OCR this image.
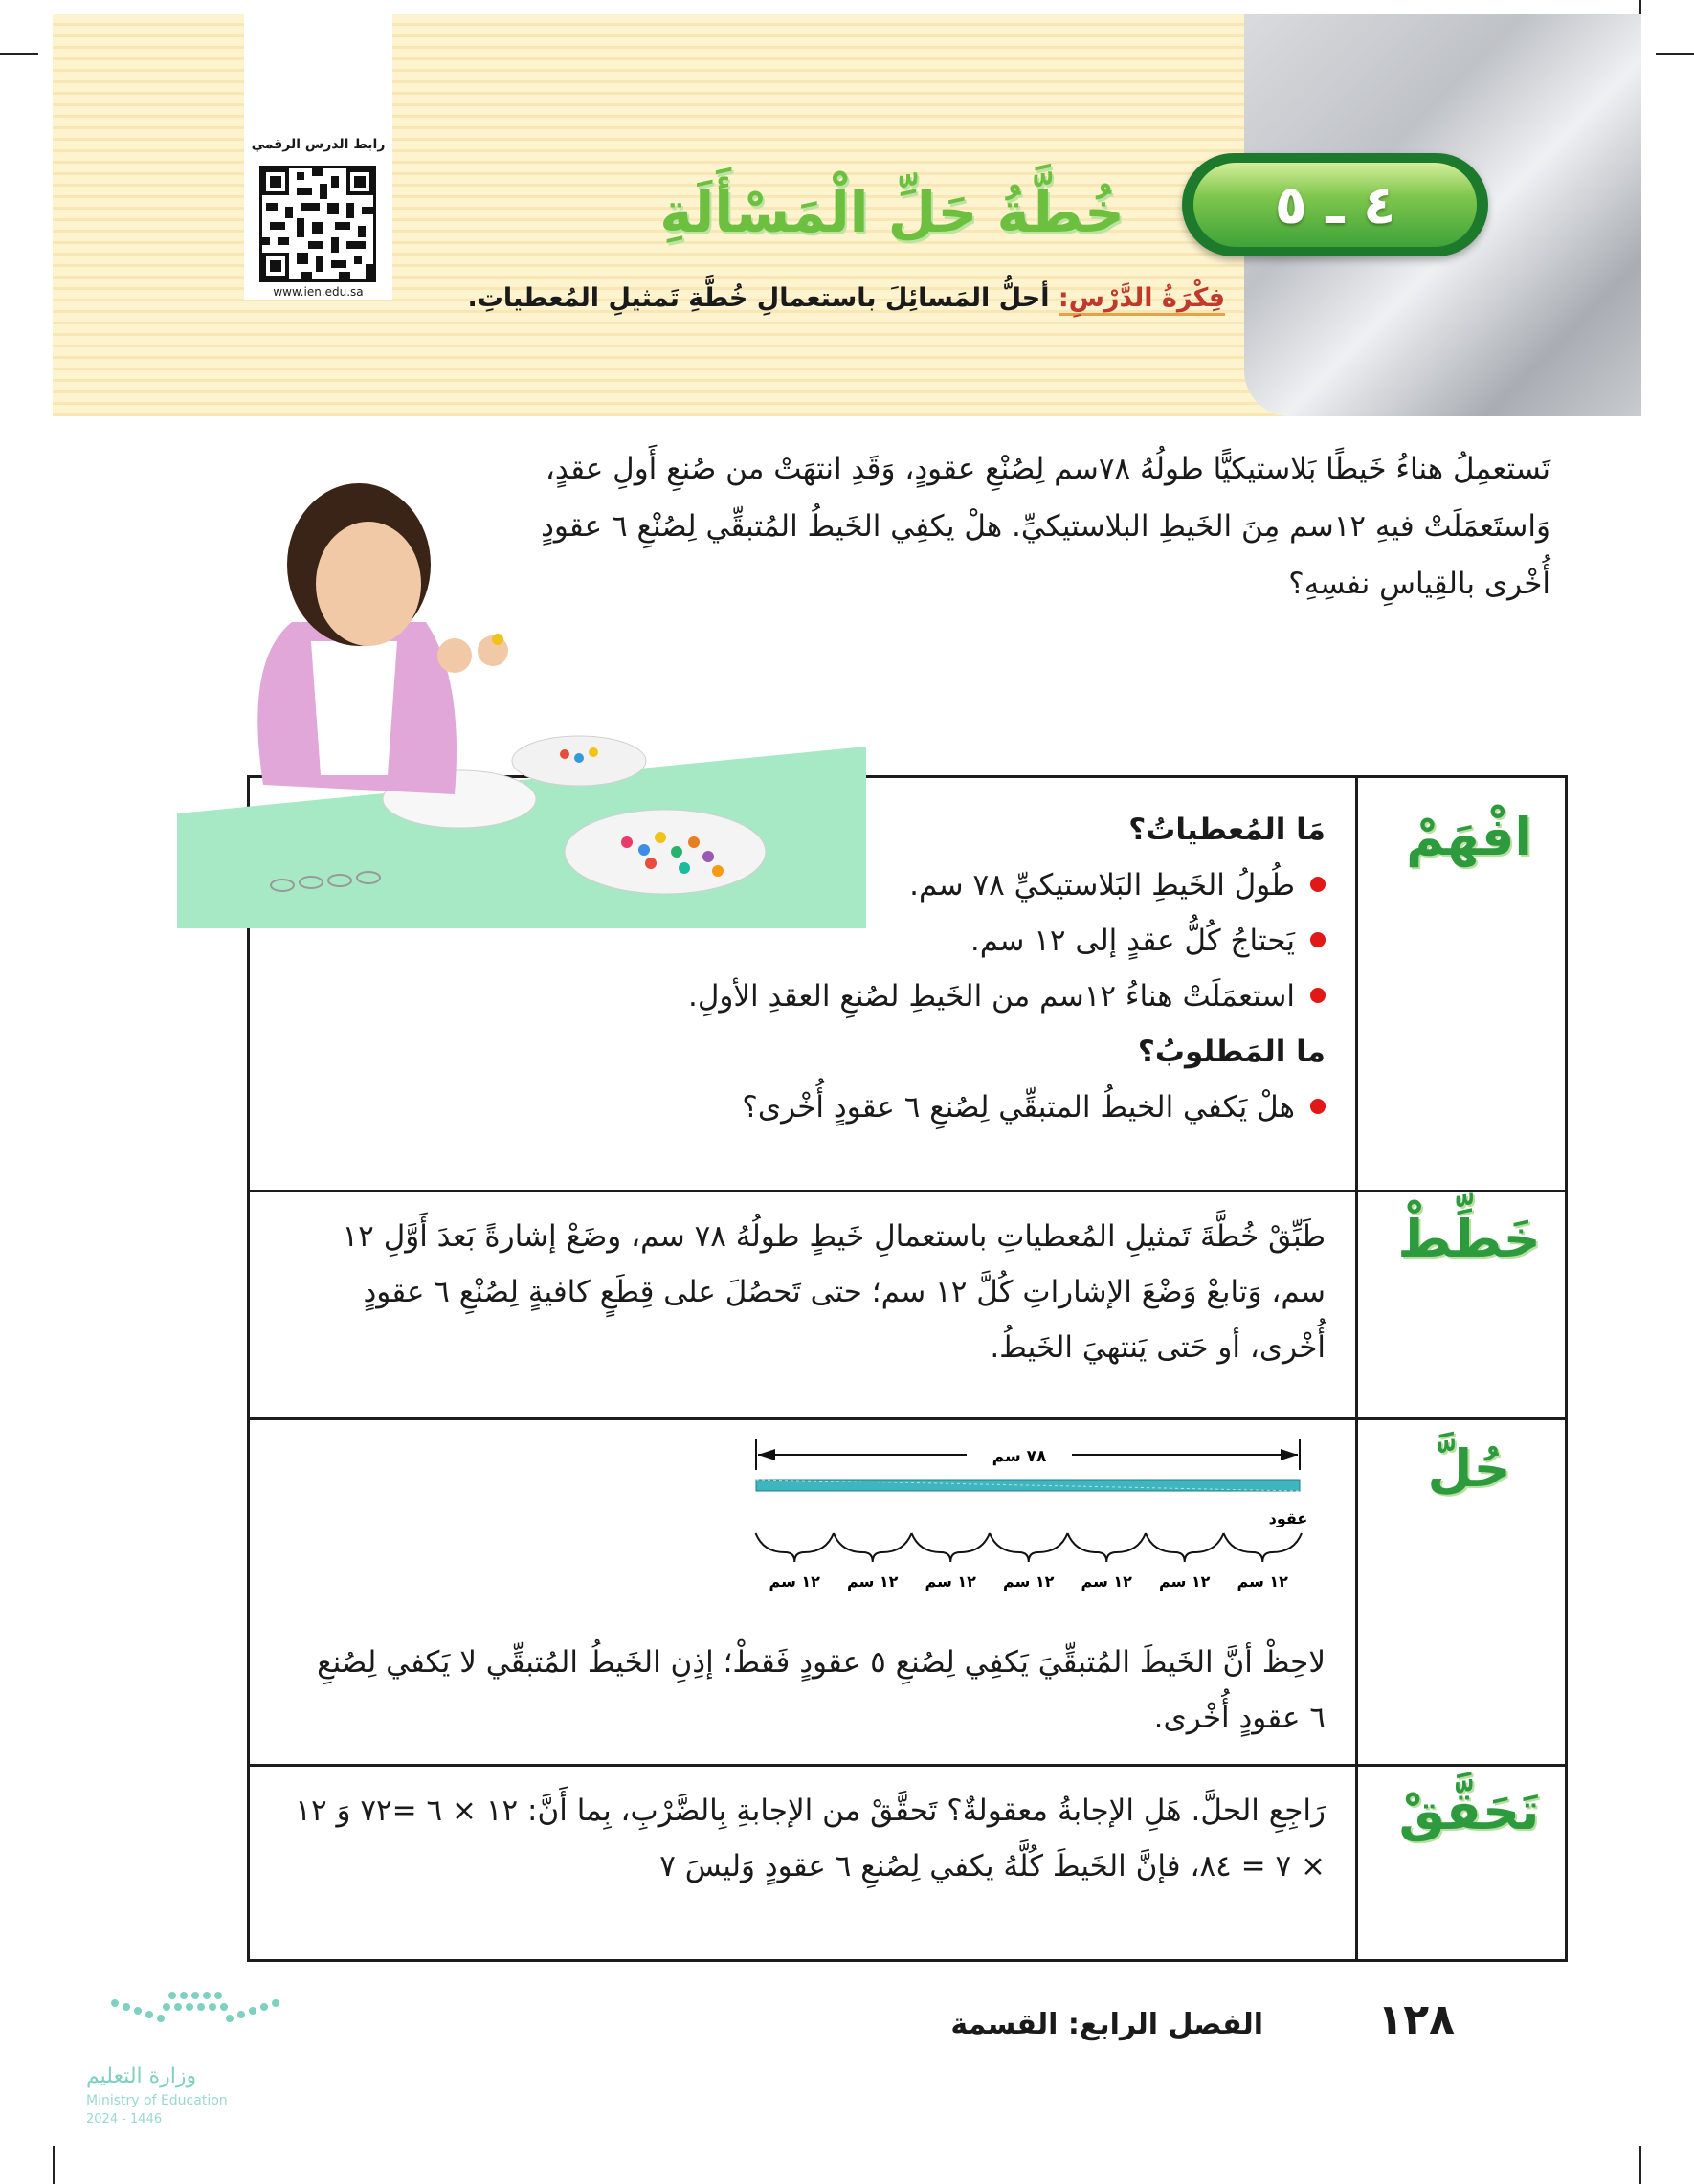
٤ ـ ٥
خُطَّةُ حَلِّ الْمَسْأَلَةِ
فِكْرَةُ الدَّرْسِ: أحلُّ المَسائِلَ باستعمالِ خُطَّةِ تَمثيلِ المُعطياتِ.
رابط الدرس الرقمي
www.ien.edu.sa
تَستعمِلُ هناءُ خَيطًا بَلاستيكيًّا طولُهُ ٧٨سم لِصُنْعِ عقودٍ، وَقَدِ انتهَتْ من صُنعِ أَولِ عقدٍ، وَاستَعمَلَتْ فيهِ ١٢سم مِنَ الخَيطِ البلاستيكيِّ. هلْ يكفِي الخَيطُ المُتبقِّي لِصُنْعِ ٦ عقودٍ أُخْرى بالقِياسِ نفسِهِ؟
افْهَمْ
خَطِّطْ
حُلَّ
تَحَقَّقْ
مَا المُعطياتُ؟
طُولُ الخَيطِ البَلاستيكيِّ ٧٨ سم.
يَحتاجُ كُلُّ عقدٍ إلى ١٢ سم.
استعمَلَتْ هناءُ ١٢سم من الخَيطِ لصُنعِ العقدِ الأولِ.
ما المَطلوبُ؟
هلْ يَكفي الخيطُ المتبقِّي لِصُنعِ ٦ عقودٍ أُخْرى؟
طَبِّقْ خُطَّةَ تَمثيلِ المُعطياتِ باستعمالِ خَيطٍ طولُهُ ٧٨ سم، وضَعْ إشارةً بَعدَ أَوَّلِ ١٢ سم، وَتابعْ وَضْعَ الإشاراتِ كُلَّ ١٢ سم؛ حتى تَحصُلَ على قِطَعٍ كافيةٍ لِصُنْعِ ٦ عقودٍ أُخْرى، أو حَتى يَنتهيَ الخَيطُ.
لاحِظْ أنَّ الخَيطَ المُتبقِّيَ يَكفِي لِصُنعِ ٥ عقودٍ فَقطْ؛ إذِنِ الخَيطُ المُتبقِّي لا يَكفي لِصُنعِ ٦ عقودٍ أُخْرى.
رَاجِعِ الحلَّ. هَلِ الإجابةُ معقولةٌ؟ تَحقَّقْ من الإجابةِ بِالضَّرْبِ، بِما أَنَّ: ١٢ × ٦ =٧٢ وَ ١٢ × ٧ = ٨٤، فإنَّ الخَيطَ كُلَّهُ يكفي لِصُنعِ ٦ عقودٍ وَليسَ ٧
٧٨ سم
عقود
١٢ سم
١٢ سم
١٢ سم
١٢ سم
١٢ سم
١٢ سم
١٢ سم
١٢٨
الفصل الرابع: القسمة
وزارة التعليم
Ministry of Education
2024 - 1446
